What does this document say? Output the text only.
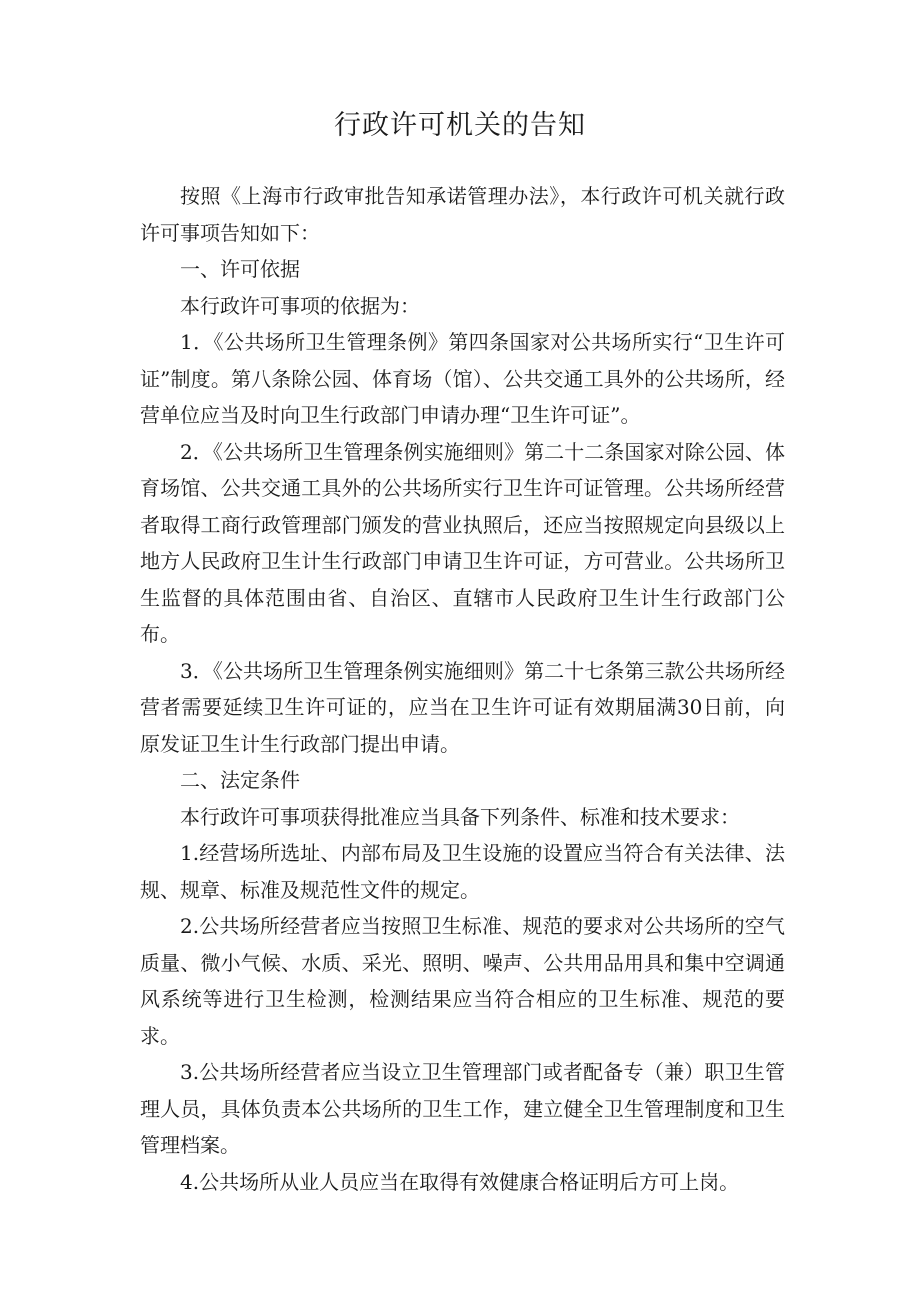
行政许可机关的告知

按照《上海市行政审批告知承诺管理办法》，本行政许可机关就行政许可事项告知如下：

一、许可依据

本行政许可事项的依据为：

1．《公共场所卫生管理条例》第四条国家对公共场所实行“卫生许可证”制度。第八条除公园、体育场（馆）、公共交通工具外的公共场所，经营单位应当及时向卫生行政部门申请办理“卫生许可证”。

2．《公共场所卫生管理条例实施细则》第二十二条国家对除公园、体育场馆、公共交通工具外的公共场所实行卫生许可证管理。公共场所经营者取得工商行政管理部门颁发的营业执照后，还应当按照规定向县级以上地方人民政府卫生计生行政部门申请卫生许可证，方可营业。公共场所卫生监督的具体范围由省、自治区、直辖市人民政府卫生计生行政部门公布。

3．《公共场所卫生管理条例实施细则》第二十七条第三款公共场所经营者需要延续卫生许可证的，应当在卫生许可证有效期届满30日前，向原发证卫生计生行政部门提出申请。

二、法定条件

本行政许可事项获得批准应当具备下列条件、标准和技术要求：

1.经营场所选址、内部布局及卫生设施的设置应当符合有关法律、法规、规章、标准及规范性文件的规定。

2.公共场所经营者应当按照卫生标准、规范的要求对公共场所的空气质量、微小气候、水质、采光、照明、噪声、公共用品用具和集中空调通风系统等进行卫生检测，检测结果应当符合相应的卫生标准、规范的要求。

3.公共场所经营者应当设立卫生管理部门或者配备专（兼）职卫生管理人员，具体负责本公共场所的卫生工作，建立健全卫生管理制度和卫生管理档案。

4.公共场所从业人员应当在取得有效健康合格证明后方可上岗。
